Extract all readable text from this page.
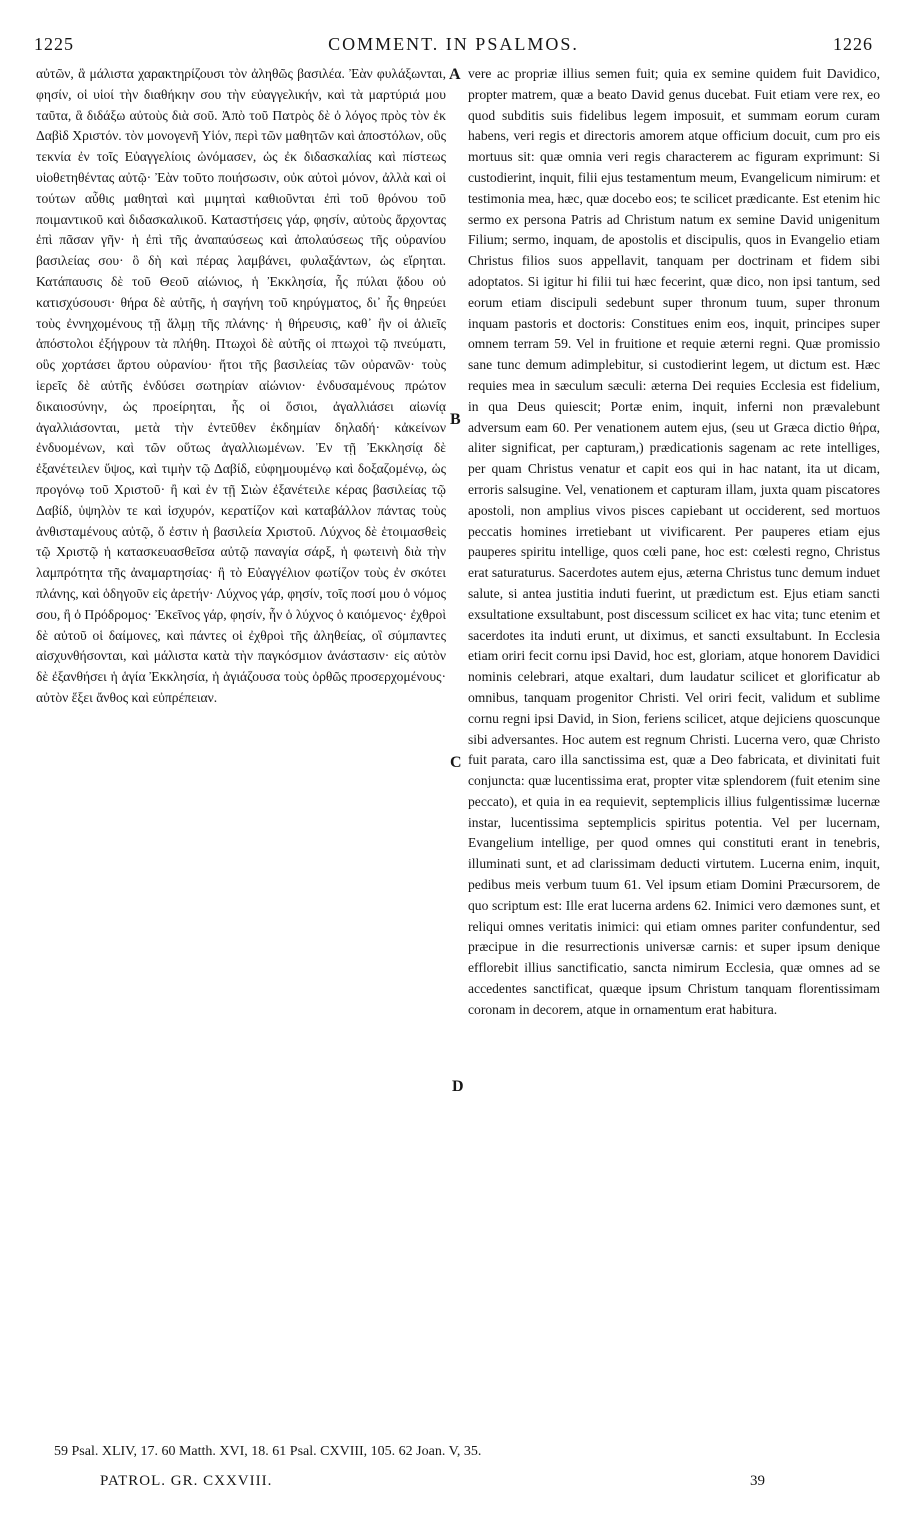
1225	COMMENT. IN PSALMOS.	1226

αὐτῶν, ἃ μάλιστα χαρακτηρίζουσι τὸν ἀληθῶς βασιλέα. Ἐὰν φυλάξωνται, φησίν, οἱ υἱοί τὴν διαθήκην σου τὴν εὐαγγελικήν, καὶ τὰ μαρτύριά μου ταῦτα, ἃ διδάξω αὐτοὺς διὰ σοῦ. Ἀπὸ τοῦ Πατρὸς δὲ ὁ λόγος πρὸς τὸν ἐκ Δαβὶδ Χριστόν. τὸν μονογενῆ Υἱόν, περὶ τῶν μαθητῶν καὶ ἀποστόλων, οὓς τεκνία ἐν τοῖς Εὐαγγελίοις ὠνόμασεν, ὡς ἐκ διδασκαλίας καὶ πίστεως υἱοθετηθέντας αὐτῷ· Ἐὰν τοῦτο ποιήσωσιν, οὐκ αὐτοὶ μόνον, ἀλλὰ καὶ οἱ τούτων αὖθις μαθηταὶ καὶ μιμηταὶ καθιοῦνται ἐπὶ τοῦ θρόνου τοῦ ποιμαντικοῦ καὶ διδασκαλικοῦ. Καταστήσεις γάρ, φησίν, αὐτοὺς ἄρχοντας ἐπὶ πᾶσαν γῆν· ἡ ἐπὶ τῆς ἀναπαύσεως καὶ ἀπολαύσεως τῆς οὐρανίου βασιλείας σου· ὃ δὴ καὶ πέρας λαμβάνει, φυλαξάντων, ὡς εἴρηται. Κατάπαυσις δὲ τοῦ Θεοῦ αἰώνιος, ἡ Ἐκκλησία, ἧς πύλαι ᾅδου οὐ κατισχύσουσι· θήρα δὲ αὐτῆς, ἡ σαγήνη τοῦ κηρύγματος, δι᾽ ἧς θηρεύει τοὺς ἐννηχομένους τῇ ἅλμῃ τῆς πλάνης· ἡ θήρευσις, καθ᾽ ἣν οἱ ἁλιεῖς ἀπόστολοι ἐξήγρουν τὰ πλήθη. Πτωχοὶ δὲ αὐτῆς οἱ πτωχοὶ τῷ πνεύματι, οὓς χορτάσει ἄρτου οὐρανίου· ἤτοι τῆς βασιλείας τῶν οὐρανῶν· τοὺς ἱερεῖς δὲ αὐτῆς ἐνδύσει σωτηρίαν αἰώνιον· ἐνδυσαμένους πρώτον δικαιοσύνην, ὡς προείρηται, ἧς οἱ ὅσιοι, ἀγαλλιάσει αἰωνίᾳ ἀγαλλιάσονται, μετὰ τὴν ἐντεῦθεν ἐκδημίαν δηλαδή· κἀκείνων ἐνδυομένων, καὶ τῶν οὕτως ἀγαλλιωμένων. Ἐν τῇ Ἐκκλησίᾳ δὲ ἐξανέτειλεν ὕψος, καὶ τιμὴν τῷ Δαβίδ, εὐφημουμένῳ καὶ δοξαζομένῳ, ὡς προγόνῳ τοῦ Χριστοῦ· ἢ καὶ ἐν τῇ Σιὼν ἐξανέτειλε κέρας βασιλείας τῷ Δαβίδ, ὑψηλὸν τε καὶ ἰσχυρόν, κερατίζον καὶ καταβάλλον πάντας τοὺς ἀνθισταμένους αὐτῷ, ὅ ἐστιν ἡ βασιλεία Χριστοῦ. Λύχνος δὲ ἑτοιμασθεὶς τῷ Χριστῷ ἡ κατασκευασθεῖσα αὐτῷ παναγία σάρξ, ἡ φωτεινὴ διὰ τὴν λαμπρότητα τῆς ἀναμαρτησίας· ἢ τὸ Εὐαγγέλιον φωτίζον τοὺς ἐν σκότει πλάνης, καὶ ὁδηγοῦν εἰς ἀρετήν· Λύχνος γάρ, φησίν, τοῖς ποσί μου ὁ νόμος σου, ἢ ὁ Πρόδρομος· Ἐκεῖνος γάρ, φησίν, ἦν ὁ λύχνος ὁ καιόμενος· ἐχθροὶ δὲ αὐτοῦ οἱ δαίμονες, καὶ πάντες οἱ ἐχθροὶ τῆς ἀληθείας, οἳ σύμπαντες αἰσχυνθήσονται, καὶ μάλιστα κατὰ τὴν παγκόσμιον ἀνάστασιν· εἰς αὐτὸν δὲ ἐξανθήσει ἡ ἁγία Ἐκκλησία, ἡ ἁγιάζουσα τοὺς ὀρθῶς προσερχομένους· αὐτὸν ἕξει ἄνθος καὶ εὐπρέπειαν.

vere ac propriæ illius semen fuit; quia ex semine quidem fuit Davidico, propter matrem, quæ a beato David genus ducebat. Fuit etiam vere rex, eo quod subditis suis fidelibus legem imposuit, et summam eorum curam habens, veri regis et directoris amorem atque officium docuit, cum pro eis mortuus sit: quæ omnia veri regis characterem ac figuram exprimunt: Si custodierint, inquit, filii ejus testamentum meum, Evangelicum nimirum: et testimonia mea, hæc, quæ docebo eos; te scilicet prædicante. Est etenim hic sermo ex persona Patris ad Christum natum ex semine David unigenitum Filium; sermo, inquam, de apostolis et discipulis, quos in Evangelio etiam Christus filios suos appellavit, tanquam per doctrinam et fidem sibi adoptatos. Si igitur hi filii tui hæc fecerint, quæ dico, non ipsi tantum, sed eorum etiam discipuli sedebunt super thronum tuum, super thronum inquam pastoris et doctoris: Constitues enim eos, inquit, principes super omnem terram 59. Vel in fruitione et requie æterni regni. Quæ promissio sane tunc demum adimplebitur, si custodierint legem, ut dictum est. Hæc requies mea in sæculum sæculi: æterna Dei requies Ecclesia est fidelium, in qua Deus quiescit; Portæ enim, inquit, inferni non prævalebunt adversum eam 60. Per venationem autem ejus, (seu ut Græca dictio θήρα, aliter significat, per capturam,) prædicationis sagenam ac rete intelliges, per quam Christus venatur et capit eos qui in hac natant, ita ut dicam, erroris salsugine. Vel, venationem et capturam illam, juxta quam piscatores apostoli, non amplius vivos pisces capiebant ut occiderent, sed mortuos peccatis homines irretiebant ut vivificarent. Per pauperes etiam ejus pauperes spiritu intellige, quos cœli pane, hoc est: cœlesti regno, Christus erat saturaturus. Sacerdotes autem ejus, æterna Christus tunc demum induet salute, si antea justitia induti fuerint, ut prædictum est. Ejus etiam sancti exsultatione exsultabunt, post discessum scilicet ex hac vita; tunc etenim et sacerdotes ita induti erunt, ut diximus, et sancti exsultabunt. In Ecclesia etiam oriri fecit cornu ipsi David, hoc est, gloriam, atque honorem Davidici nominis celebrari, atque exaltari, dum laudatur scilicet et glorificatur ab omnibus, tanquam progenitor Christi. Vel oriri fecit, validum et sublime cornu regni ipsi David, in Sion, feriens scilicet, atque dejiciens quoscunque sibi adversantes. Hoc autem est regnum Christi. Lucerna vero, quæ Christo fuit parata, caro illa sanctissima est, quæ a Deo fabricata, et divinitati fuit conjuncta: quæ lucentissima erat, propter vitæ splendorem (fuit etenim sine peccato), et quia in ea requievit, septemplicis illius fulgentissimæ lucernæ instar, lucentissima septemplicis spiritus potentia. Vel per lucernam, Evangelium intellige, per quod omnes qui constituti erant in tenebris, illuminati sunt, et ad clarissimam deducti virtutem. Lucerna enim, inquit, pedibus meis verbum tuum 61. Vel ipsum etiam Domini Præcursorem, de quo scriptum est: Ille erat lucerna ardens 62. Inimici vero dæmones sunt, et reliqui omnes veritatis inimici: qui etiam omnes pariter confundentur, sed præcipue in die resurrectionis universæ carnis: et super ipsum denique efflorebit illius sanctificatio, sancta nimirum Ecclesia, quæ omnes ad se accedentes sanctificat, quæque ipsum Christum tanquam florentissimam coronam in decorem, atque in ornamentum erat habitura.

A
B
C
D
59 Psal. XLIV, 17. 60 Matth. XVI, 18. 61 Psal. CXVIII, 105. 62 Joan. V, 35.
PATROL. GR. CXXVIII.	39
